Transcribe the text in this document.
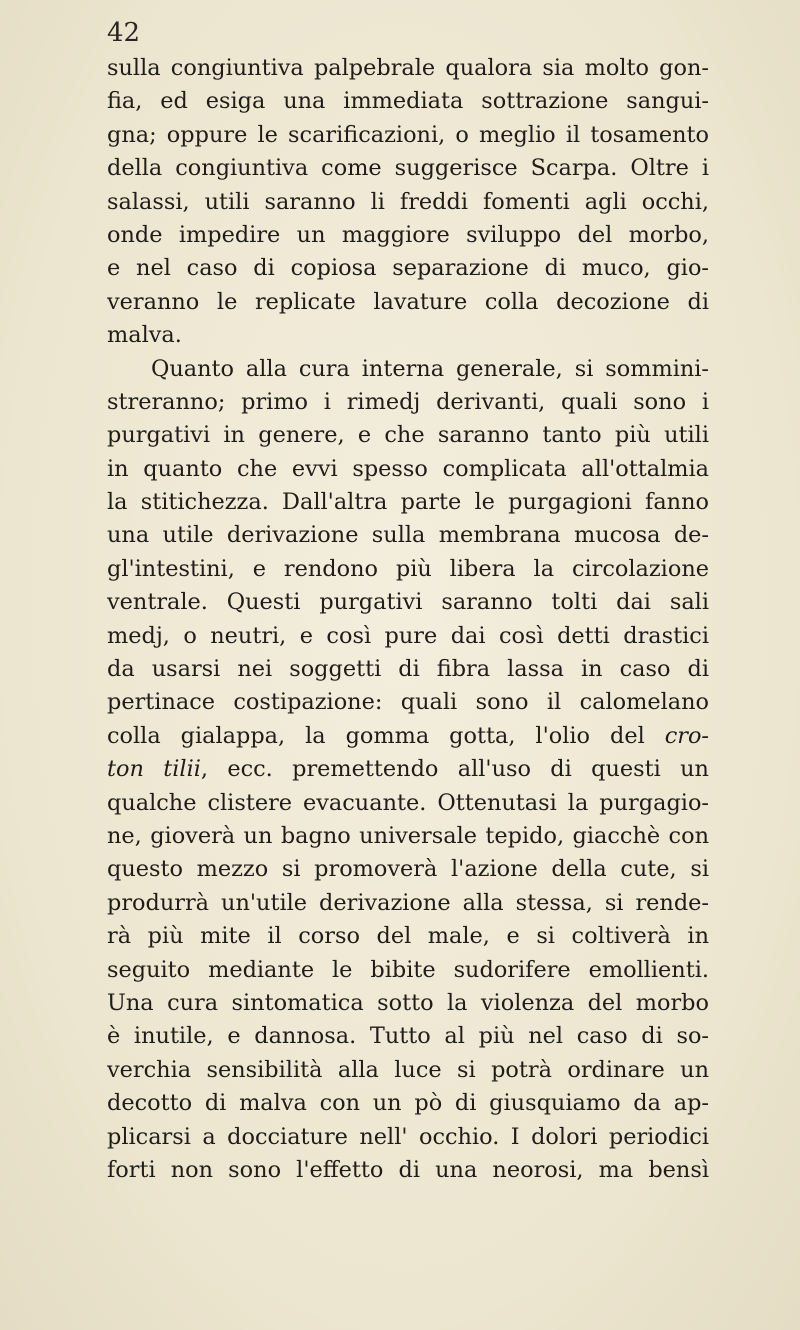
42
sulla congiuntiva palpebrale qualora sia molto gon-
fia, ed esiga una immediata sottrazione sangui-
gna; oppure le scarificazioni, o meglio il tosamento
della congiuntiva come suggerisce Scarpa. Oltre i
salassi, utili saranno li freddi fomenti agli occhi,
onde impedire un maggiore sviluppo del morbo,
e nel caso di copiosa separazione di muco, gio-
veranno le replicate lavature colla decozione di
malva.
Quanto alla cura interna generale, si sommini-
streranno; primo i rimedj derivanti, quali sono i
purgativi in genere, e che saranno tanto più utili
in quanto che evvi spesso complicata all'ottalmia
la stitichezza. Dall'altra parte le purgagioni fanno
una utile derivazione sulla membrana mucosa de-
gl'intestini, e rendono più libera la circolazione
ventrale. Questi purgativi saranno tolti dai sali
medj, o neutri, e così pure dai così detti drastici
da usarsi nei soggetti di fibra lassa in caso di
pertinace costipazione: quali sono il calomelano
colla gialappa, la gomma gotta, l'olio del cro-
ton tilii, ecc. premettendo all'uso di questi un
qualche clistere evacuante. Ottenutasi la purgagio-
ne, gioverà un bagno universale tepido, giacchè con
questo mezzo si promoverà l'azione della cute, si
produrrà un'utile derivazione alla stessa, si rende-
rà più mite il corso del male, e si coltiverà in
seguito mediante le bibite sudorifere emollienti.
Una cura sintomatica sotto la violenza del morbo
è inutile, e dannosa. Tutto al più nel caso di so-
verchia sensibilità alla luce si potrà ordinare un
decotto di malva con un pò di giusquiamo da ap-
plicarsi a docciature nell' occhio. I dolori periodici
forti non sono l'effetto di una neorosi, ma bensì
